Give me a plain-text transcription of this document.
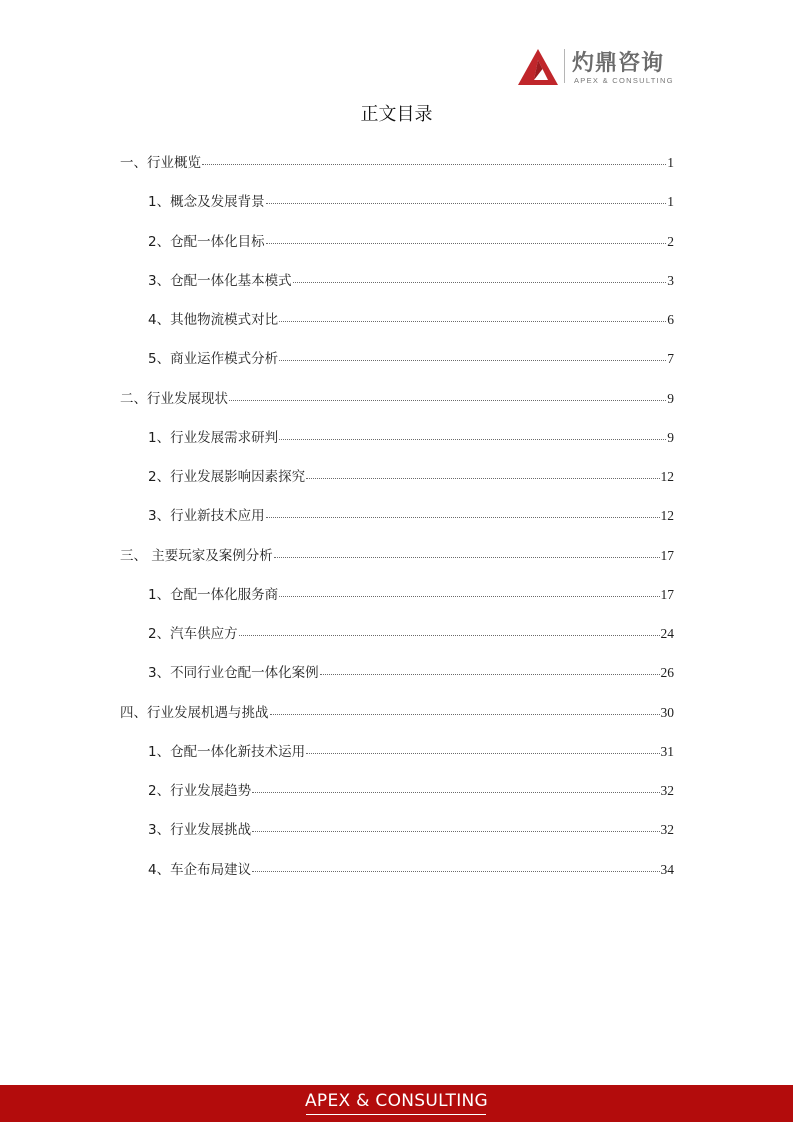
灼鼎咨询
APEX & CONSULTING
正文目录
一、行业概览	1
1、概念及发展背景	1
2、仓配一体化目标	2
3、仓配一体化基本模式	3
4、其他物流模式对比	6
5、商业运作模式分析	7
二、行业发展现状	9
1、行业发展需求研判	9
2、行业发展影响因素探究	12
3、行业新技术应用	12
三、 主要玩家及案例分析	17
1、仓配一体化服务商	17
2、汽车供应方	24
3、不同行业仓配一体化案例	26
四、行业发展机遇与挑战	30
1、仓配一体化新技术运用	31
2、行业发展趋势	32
3、行业发展挑战	32
4、车企布局建议	34
APEX & CONSULTING
